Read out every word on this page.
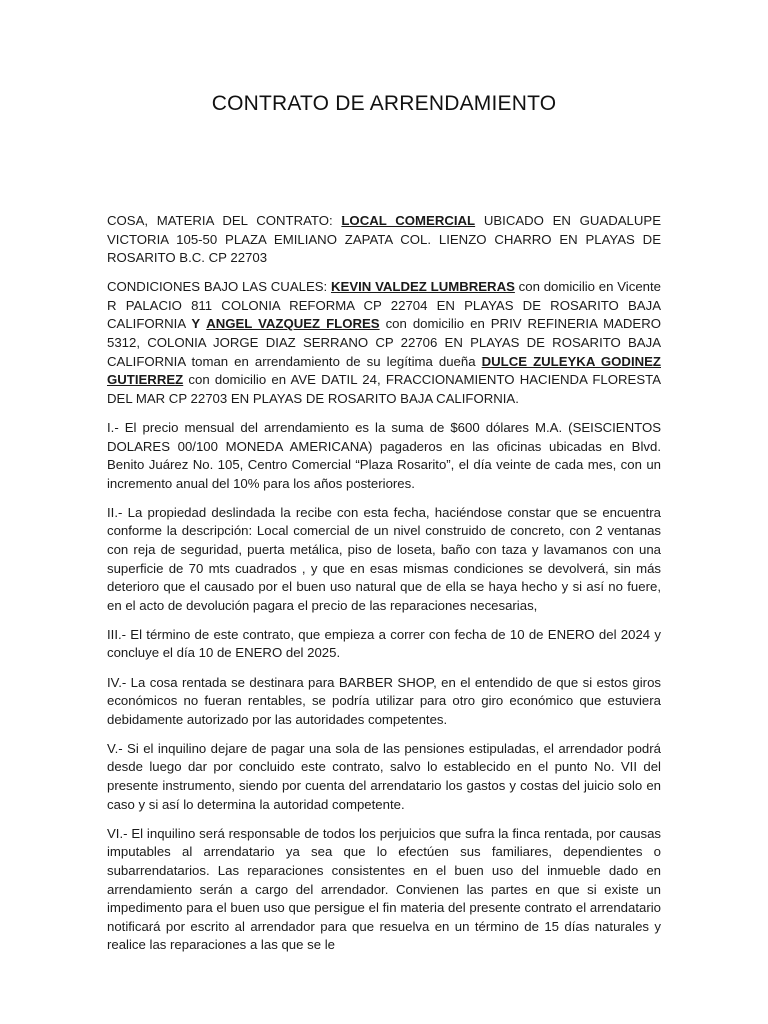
CONTRATO DE ARRENDAMIENTO

COSA, MATERIA DEL CONTRATO: LOCAL COMERCIAL UBICADO EN GUADALUPE VICTORIA 105-50 PLAZA EMILIANO ZAPATA COL. LIENZO CHARRO EN PLAYAS DE ROSARITO B.C. CP 22703

CONDICIONES BAJO LAS CUALES: KEVIN VALDEZ LUMBRERAS con domicilio en Vicente R PALACIO 811 COLONIA REFORMA CP 22704 EN PLAYAS DE ROSARITO BAJA CALIFORNIA Y ANGEL VAZQUEZ FLORES con domicilio en PRIV REFINERIA MADERO 5312, COLONIA JORGE DIAZ SERRANO CP 22706 EN PLAYAS DE ROSARITO BAJA CALIFORNIA toman en arrendamiento de su legítima dueña DULCE ZULEYKA GODINEZ GUTIERREZ con domicilio en AVE DATIL 24, FRACCIONAMIENTO HACIENDA FLORESTA DEL MAR CP 22703 EN PLAYAS DE ROSARITO BAJA CALIFORNIA.

I.- El precio mensual del arrendamiento es la suma de $600 dólares M.A. (SEISCIENTOS DOLARES 00/100 MONEDA AMERICANA) pagaderos en las oficinas ubicadas en Blvd. Benito Juárez No. 105, Centro Comercial “Plaza Rosarito”, el día veinte de cada mes, con un incremento anual del 10% para los años posteriores.

II.- La propiedad deslindada la recibe con esta fecha, haciéndose constar que se encuentra conforme la descripción: Local comercial de un nivel construido de concreto, con 2 ventanas con reja de seguridad, puerta metálica, piso de loseta, baño con taza y lavamanos con una superficie de 70 mts cuadrados , y que en esas mismas condiciones se devolverá, sin más deterioro que el causado por el buen uso natural que de ella se haya hecho y si así no fuere, en el acto de devolución pagara el precio de las reparaciones necesarias,

III.- El término de este contrato, que empieza a correr con fecha de 10 de ENERO del 2024 y concluye el día 10 de ENERO del 2025.

IV.- La cosa rentada se destinara para BARBER SHOP, en el entendido de que si estos giros económicos no fueran rentables, se podría utilizar para otro giro económico que estuviera debidamente autorizado por las autoridades competentes.

V.- Si el inquilino dejare de pagar una sola de las pensiones estipuladas, el arrendador podrá desde luego dar por concluido este contrato, salvo lo establecido en el punto No. VII del presente instrumento, siendo por cuenta del arrendatario los gastos y costas del juicio solo en caso y si así lo determina la autoridad competente.

VI.- El inquilino será responsable de todos los perjuicios que sufra la finca rentada, por causas imputables al arrendatario ya sea que lo efectúen sus familiares, dependientes o subarrendatarios. Las reparaciones consistentes en el buen uso del inmueble dado en arrendamiento serán a cargo del arrendador. Convienen las partes en que si existe un impedimento para el buen uso que persigue el fin materia del presente contrato el arrendatario notificará por escrito al arrendador para que resuelva en un término de 15 días naturales y realice las reparaciones a las que se le
